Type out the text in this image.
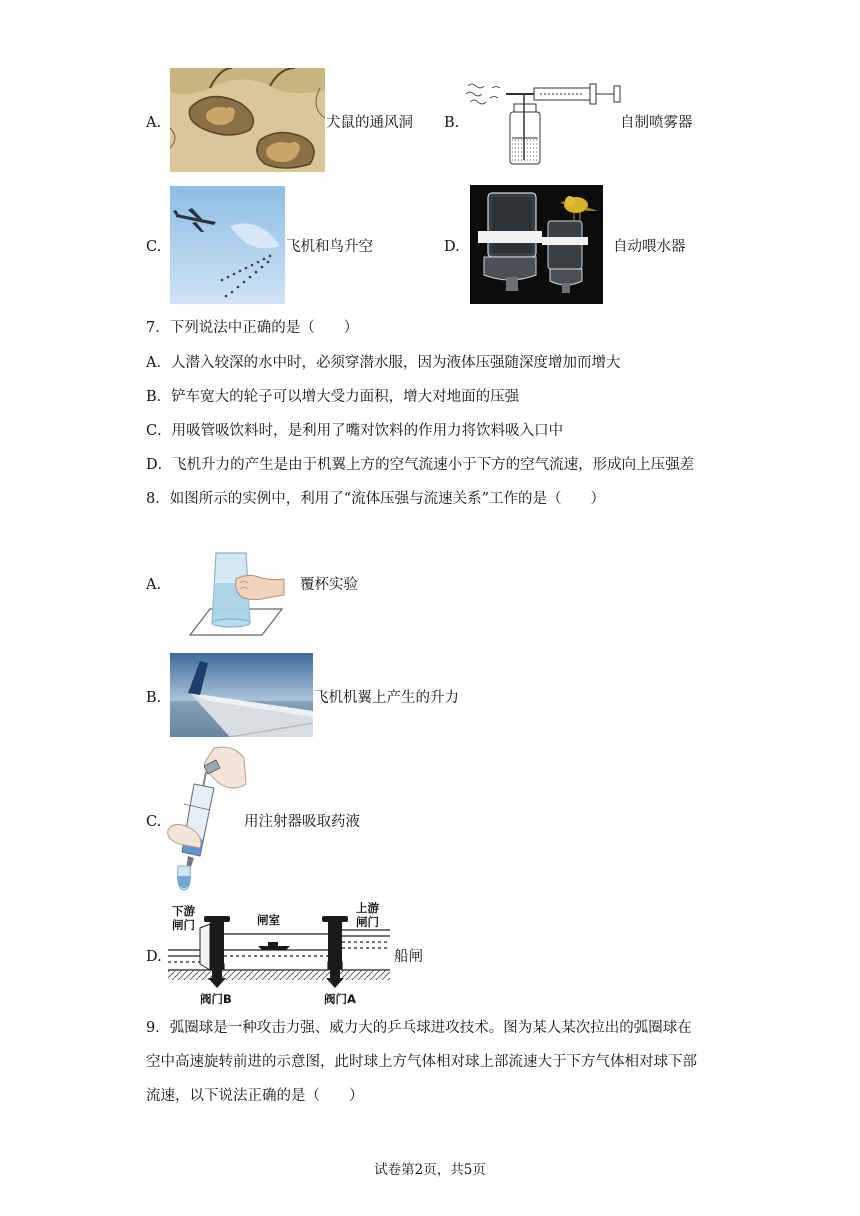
A.	犬鼠的通风洞 B.	自制喷雾器
C.	飞机和鸟升空	D.	自动喂水器
7．下列说法中正确的是（　　）
A．人潜入较深的水中时，必须穿潜水服，因为液体压强随深度增加而增大
B．铲车宽大的轮子可以增大受力面积，增大对地面的压强
C．用吸管吸饮料时，是利用了嘴对饮料的作用力将饮料吸入口中
D．飞机升力的产生是由于机翼上方的空气流速小于下方的空气流速，形成向上压强差
8．如图所示的实例中，利用了“流体压强与流速关系”工作的是（　　）
A.	覆杯实验
B.	飞机机翼上产生的升力
C.	用注射器吸取药液
D.
下游
闸门	闸室
上游
闸门
阀门B	阀门A
船闸
9．弧圈球是一种攻击力强、威力大的乒乓球进攻技术。图为某人某次拉出的弧圈球在
空中高速旋转前进的示意图，此时球上方气体相对球上部流速大于下方气体相对球下部
流速，以下说法正确的是（　　）
试卷第2页，共5页
